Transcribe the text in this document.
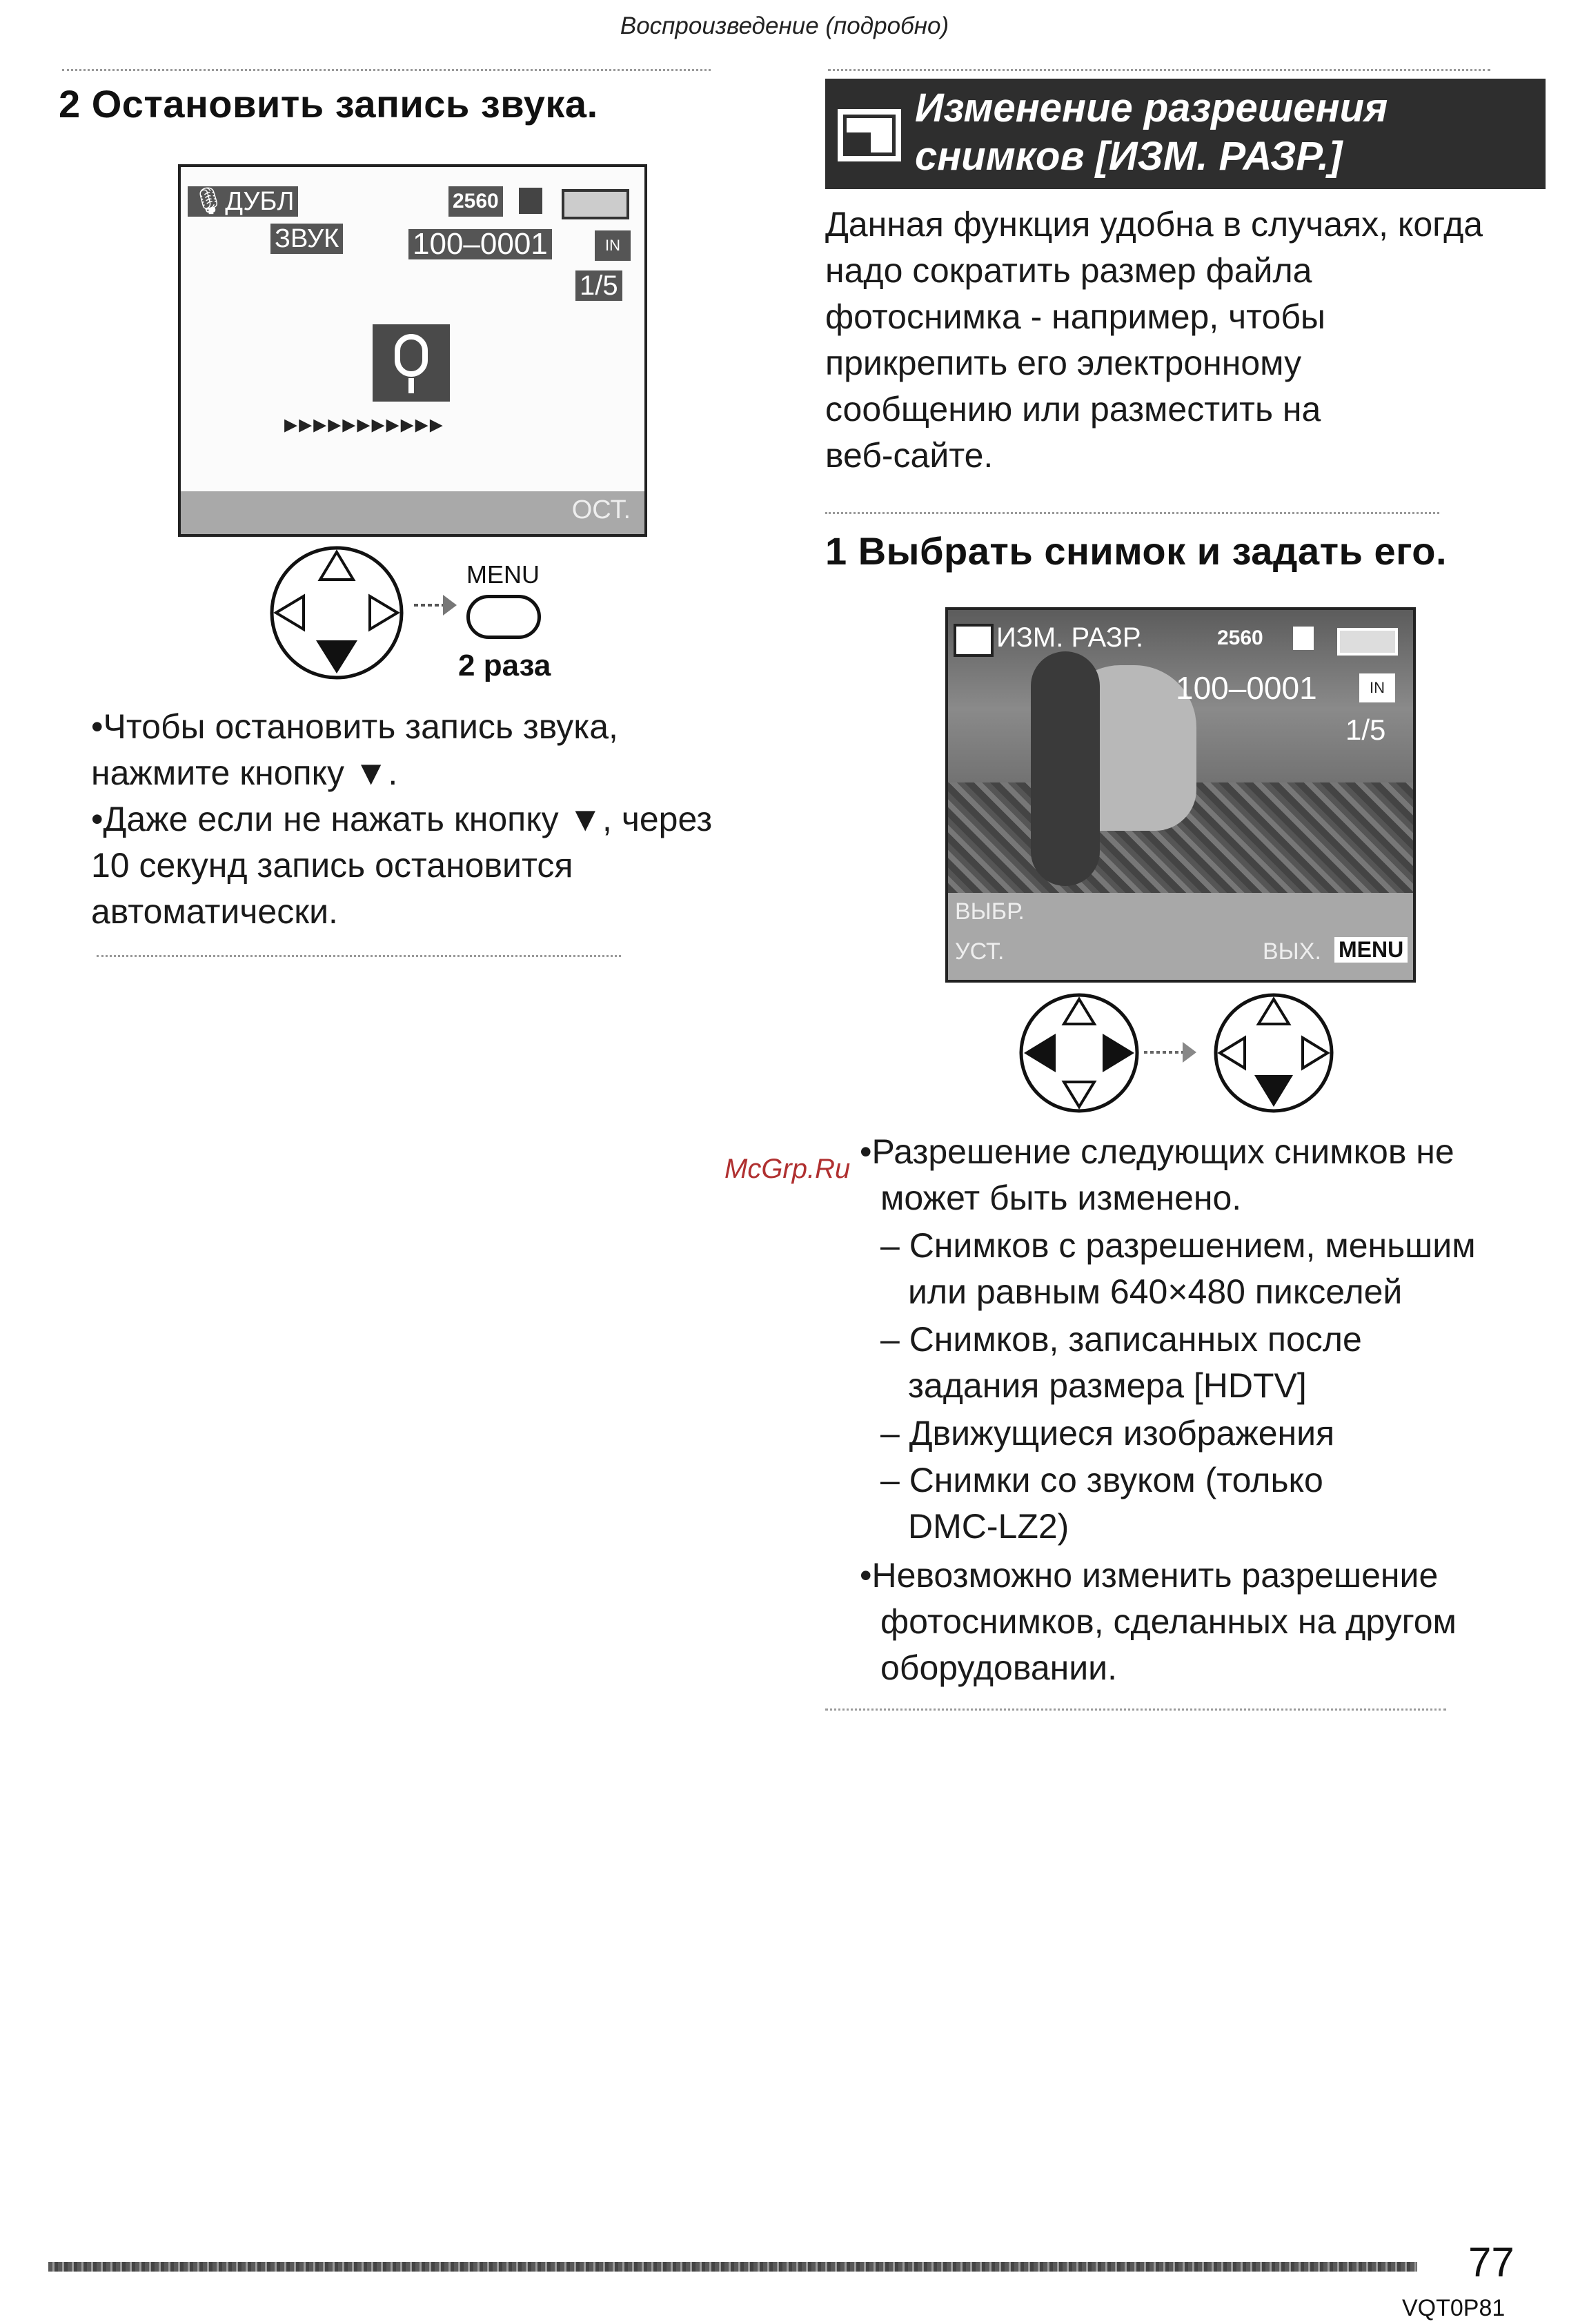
Воспроизведение (подробно)
2 Остановить запись звука.
🎙ДУБЛ
ЗВУК
2560
100–0001	IN
1/5
▸▸▸▸▸▸▸▸▸▸▸
ОСТ.
MENU
2 раза
•Чтобы остановить запись звука, нажмите кнопку ▼.
•Даже если не нажать кнопку ▼, через 10 секунд запись остановится автоматически.
Изменение разрешения
снимков [ИЗМ. РАЗР.]
Данная функция удобна в случаях, когда
надо сократить размер файла
фотоснимка - например, чтобы
прикрепить его электронному
сообщению или разместить на
веб-сайте.
1 Выбрать снимок и задать его.
ИЗМ. РАЗР.	2560
100–0001	IN
1/5
ВЫБР.
УСТ.	ВЫХ. MENU
McGrp.Ru •Разрешение следующих снимков не
может быть изменено.
– Снимков с разрешением, меньшим
или равным 640×480 пикселей
– Снимков, записанных после
задания размера [HDTV]
– Движущиеся изображения
– Снимки со звуком (только
DMC-LZ2)
•Невозможно изменить разрешение
фотоснимков, сделанных на другом
оборудовании.
77
VQT0P81
